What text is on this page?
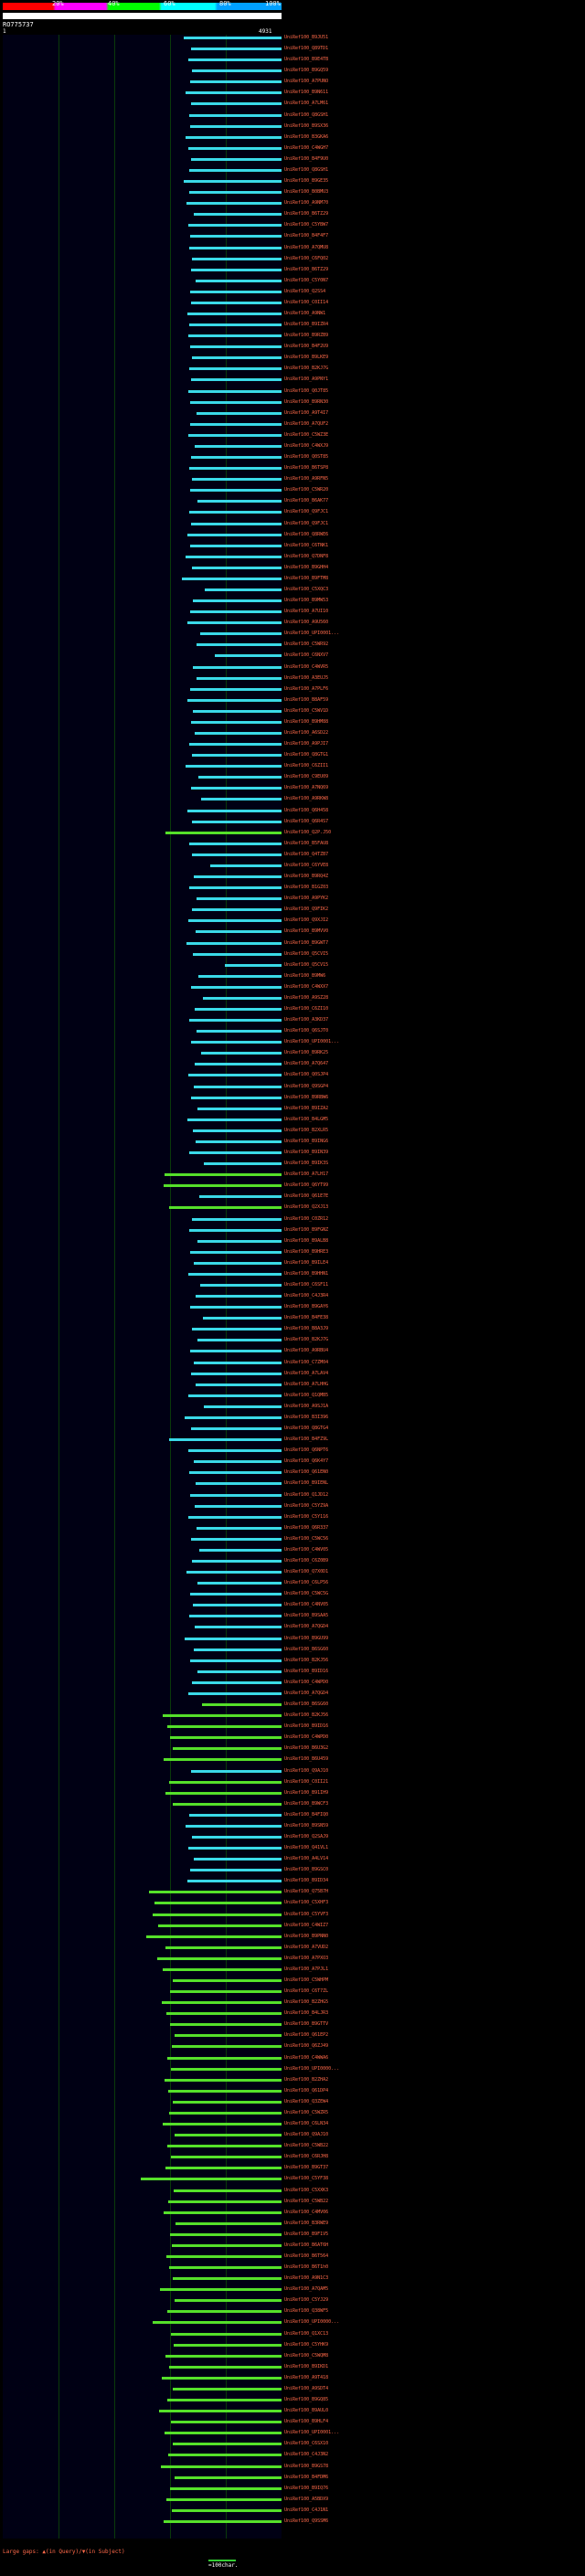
20%	40%	60%	80%	100%
RO775737
1	4931
UniRef100_B9JU51
UniRef100_Q89TD1
UniRef100_B9E4TB
UniRef100_B9GQ59
UniRef100_A7PUNO
UniRef100_B9N611
UniRef100_A7LM61
UniRef100_Q8GSH1
UniRef100_B9SX36
UniRef100_B3GKA6
UniRef100_C4WGH7
UniRef100_B4F9U0
UniRef100_Q8GSH1
UniRef100_B9GE35
UniRef100_B0BMU3
UniRef100_A9NM70
UniRef100_B6TZ29
UniRef100_C5YBW7
UniRef100_B4F4F7
UniRef100_A7QMU8
UniRef100_C6FQ02
UniRef100_B6TZ29
UniRef100_C5Y0N7
UniRef100_Q2SS4
UniRef100_C0II14
UniRef100_A9NW1
UniRef100_B9IZR4
UniRef100_B9RZB9
UniRef100_B4F2U9
UniRef100_B9LKE9
UniRef100_B2KJ7G
UniRef100_A9PNY1
UniRef100_Q0JT85
UniRef100_B9RN30
UniRef100_A9T4I7
UniRef100_A7QUF2
UniRef100_C5WZ3E
UniRef100_C4WXJ9
UniRef100_Q0ST85
UniRef100_B6TSP8
UniRef100_A9RFN5
UniRef100_C5WR20
UniRef100_B6AK77
UniRef100_Q9FJC1
UniRef100_Q9FJC1
UniRef100_Q8RWE6
UniRef100_C6TNK1
UniRef100_Q7DNF8
UniRef100_B9GHH4
UniRef100_B9FTM8
UniRef100_C5XQC3
UniRef100_B9MW53
UniRef100_A7UI10
UniRef100_A9U560
UniRef100_UPI0001...
UniRef100_C5WR92
UniRef100_C6NXV7
UniRef100_C4WVR5
UniRef100_A3EUJ5
UniRef100_A7PLF6
UniRef100_B8AF59
UniRef100_C5WV1D
UniRef100_B9HM88
UniRef100_A6SD22
UniRef100_A9PJI7
UniRef100_Q8GTG1
UniRef100_C6ZII1
UniRef100_C9EU09
UniRef100_A7NQ69
UniRef100_A9RKW8
UniRef100_Q6H458
UniRef100_Q6R4S7
UniRef100_Q2P.J50
UniRef100_B5FAU8
UniRef100_Q4TZB7
UniRef100_C6YVE8
UniRef100_B9RQ4Z
UniRef100_B1GZ03
UniRef100_A9PYK2
UniRef100_Q9FIK2
UniRef100_Q9XJI2
UniRef100_B9MVV0
UniRef100_B9GWT7
UniRef100_Q5CVI5
UniRef100_Q5CV15
UniRef100_B9MW6
UniRef100_C4WXX7
UniRef100_A9SZ28
UniRef100_C6ZI10
UniRef100_A3KD37
UniRef100_Q6SJT0
UniRef100_UPI0001...
UniRef100_B9RK25
UniRef100_A7Q647
UniRef100_Q0SJP4
UniRef100_Q9SGP4
UniRef100_B9RBW6
UniRef100_B9IZA2
UniRef100_B4LGM5
UniRef100_B2XLR5
UniRef100_B9ING6
UniRef100_B9IN39
UniRef100_B9IK3S
UniRef100_A7LH17
UniRef100_Q6YT99
UniRef100_Q61E7E
UniRef100_Q2XJ13
UniRef100_C0ZR12
UniRef100_B9FGNZ
UniRef100_B9ALB8
UniRef100_B9HRE3
UniRef100_B9ILE4
UniRef100_B9HHN1
UniRef100_C6SF11
UniRef100_C4J3R4
UniRef100_B9GAY6
UniRef100_B4FE38
UniRef100_B8A3J9
UniRef100_B2KJ7G
UniRef100_A9RBU4
UniRef100_C7ZM04
UniRef100_A7LAV4
UniRef100_A7LHHG
UniRef100_Q1QMB5
UniRef100_A9SJ1A
UniRef100_B3I396
UniRef100_Q8GTG4
UniRef100_B4FZ9L
UniRef100_Q6NPT6
UniRef100_Q6K4Y7
UniRef100_Q61EN0
UniRef100_B9IENL
UniRef100_Q1JD12
UniRef100_C5YZ9A
UniRef100_C5Y116
UniRef100_Q6R337
UniRef100_C5WC56
UniRef100_C4WV05
UniRef100_C6Z0B9
UniRef100_Q7X0D1
UniRef100_C6LP56
UniRef100_C5WC5G
UniRef100_C4NV05
UniRef100_B9SAA5
UniRef100_A7QGD4
UniRef100_B9GU99
UniRef100_B6SG60
UniRef100_B2KJ56
UniRef100_B9ID16
UniRef100_C4WPD0
UniRef100_A7QGD4
UniRef100_B6SG60
UniRef100_B2KJ56
UniRef100_B9ID16
UniRef100_C4WPD0
UniRef100_B6U3G2
UniRef100_B6U459
UniRef100_Q9AJ10
UniRef100_C0II21
UniRef100_B91IH9
UniRef100_B9WCF3
UniRef100_B4FIQ0
UniRef100_B9SN59
UniRef100_Q2SAJ9
UniRef100_Q41VL1
UniRef100_A4LV14
UniRef100_B9GSC0
UniRef100_B9ID34
UniRef100_Q75B7H
UniRef100_C5XHF3
UniRef100_C5YVF3
UniRef100_C4WIZ7
UniRef100_B9PNN0
UniRef100_A7VUD2
UniRef100_A7PXO3
UniRef100_A7PJL1
UniRef100_C5WHPM
UniRef100_C6T7ZL
UniRef100_B2ZHG5
UniRef100_B4LJR3
UniRef100_B9GTTV
UniRef100_Q61EP2
UniRef100_Q6ZJ49
UniRef100_C4WWA6
UniRef100_UPI0000...
UniRef100_B2ZHA2
UniRef100_Q61DP4
UniRef100_Q3ZEW4
UniRef100_C5WZR5
UniRef100_C6LN34
UniRef100_Q9AJ10
UniRef100_C5WB22
UniRef100_C6RJH8
UniRef100_B9GT37
UniRef100_C5YF38
UniRef100_C5XXK3
UniRef100_C5WB22
UniRef100_C4MV06
UniRef100_B3RWE9
UniRef100_B9F1V5
UniRef100_B6AT6H
UniRef100_B6T564
UniRef100_B6T1h0
UniRef100_A9N1C3
UniRef100_A7QAM5
UniRef100_C5YJ29
UniRef100_Q38WF5
UniRef100_UPI0000...
UniRef100_Q1XC13
UniRef100_C5YHK9
UniRef100_C5WQM8
UniRef100_B9IKD1
UniRef100_A9T418
UniRef100_A9SDT4
UniRef100_B9GQ85
UniRef100_B9AUL0
UniRef100_B9HLF4
UniRef100_UPI0001...
UniRef100_C6SX10
UniRef100_C4J3N2
UniRef100_B9GS78
UniRef100_B4FDM6
UniRef100_B9IQ76
UniRef100_A5BDX9
UniRef100_C4J1N1
UniRef100_Q9SSM6
Large gaps: ▲(in Query)/▼(in Subject)
=100char.
